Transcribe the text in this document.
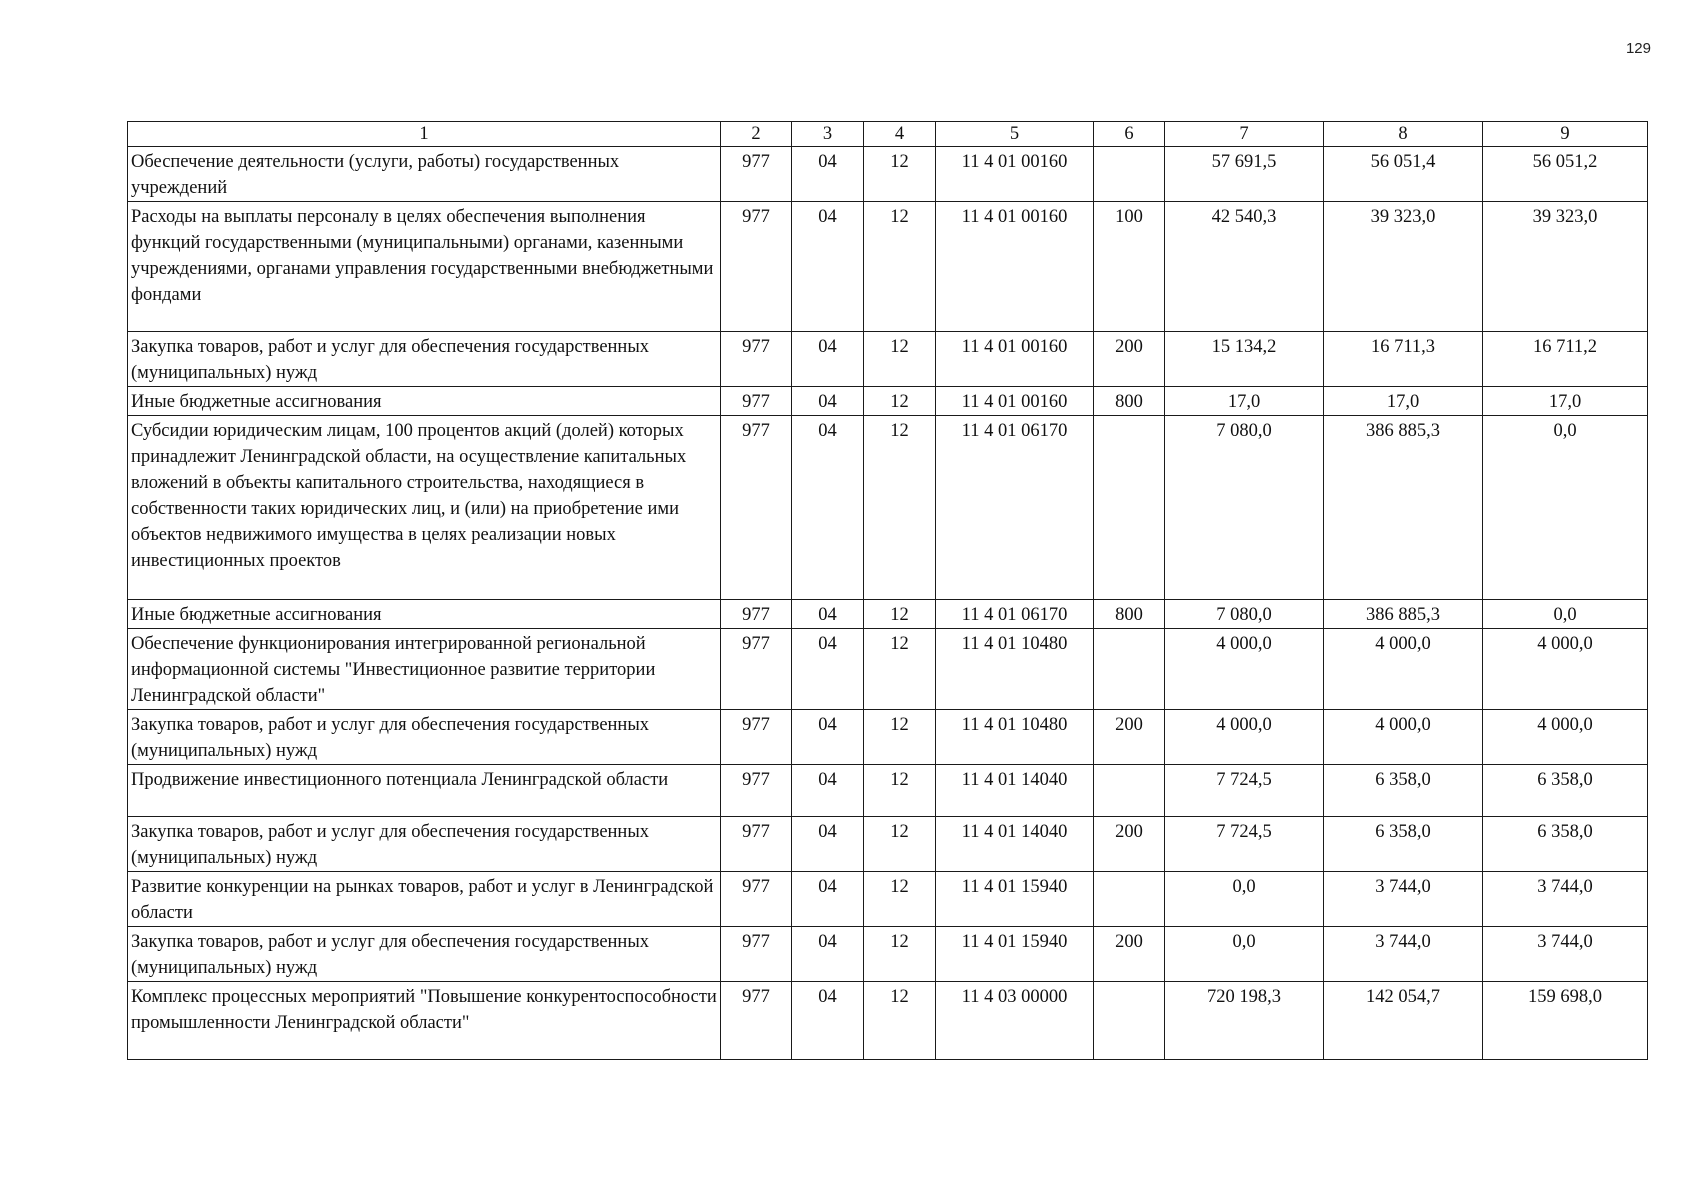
129
1	2	3	4	5	6	7	8	9
Обеспечение деятельности (услуги, работы) государственных учреждений	977	04	12	11 4 01 00160		57 691,5	56 051,4	56 051,2
Расходы на выплаты персоналу в целях обеспечения выполнения функций государственными (муниципальными) органами, казенными учреждениями, органами управления государственными внебюджетными фондами	977	04	12	11 4 01 00160	100	42 540,3	39 323,0	39 323,0
Закупка товаров, работ и услуг для обеспечения государственных (муниципальных) нужд	977	04	12	11 4 01 00160	200	15 134,2	16 711,3	16 711,2
Иные бюджетные ассигнования	977	04	12	11 4 01 00160	800	17,0	17,0	17,0
Субсидии юридическим лицам, 100 процентов акций (долей) которых принадлежит Ленинградской области, на осуществление капитальных вложений в объекты капитального строительства, находящиеся в собственности таких юридических лиц, и (или) на приобретение ими объектов недвижимого имущества в целях реализации новых инвестиционных проектов	977	04	12	11 4 01 06170		7 080,0	386 885,3	0,0
Иные бюджетные ассигнования	977	04	12	11 4 01 06170	800	7 080,0	386 885,3	0,0
Обеспечение функционирования интегрированной региональной информационной системы "Инвестиционное развитие территории Ленинградской области"	977	04	12	11 4 01 10480		4 000,0	4 000,0	4 000,0
Закупка товаров, работ и услуг для обеспечения государственных (муниципальных) нужд	977	04	12	11 4 01 10480	200	4 000,0	4 000,0	4 000,0
Продвижение инвестиционного потенциала Ленинградской области	977	04	12	11 4 01 14040		7 724,5	6 358,0	6 358,0
Закупка товаров, работ и услуг для обеспечения государственных (муниципальных) нужд	977	04	12	11 4 01 14040	200	7 724,5	6 358,0	6 358,0
Развитие конкуренции на рынках товаров, работ и услуг в Ленинградской области	977	04	12	11 4 01 15940		0,0	3 744,0	3 744,0
Закупка товаров, работ и услуг для обеспечения государственных (муниципальных) нужд	977	04	12	11 4 01 15940	200	0,0	3 744,0	3 744,0
Комплекс процессных мероприятий "Повышение конкурентоспособности промышленности Ленинградской области"	977	04	12	11 4 03 00000		720 198,3	142 054,7	159 698,0
